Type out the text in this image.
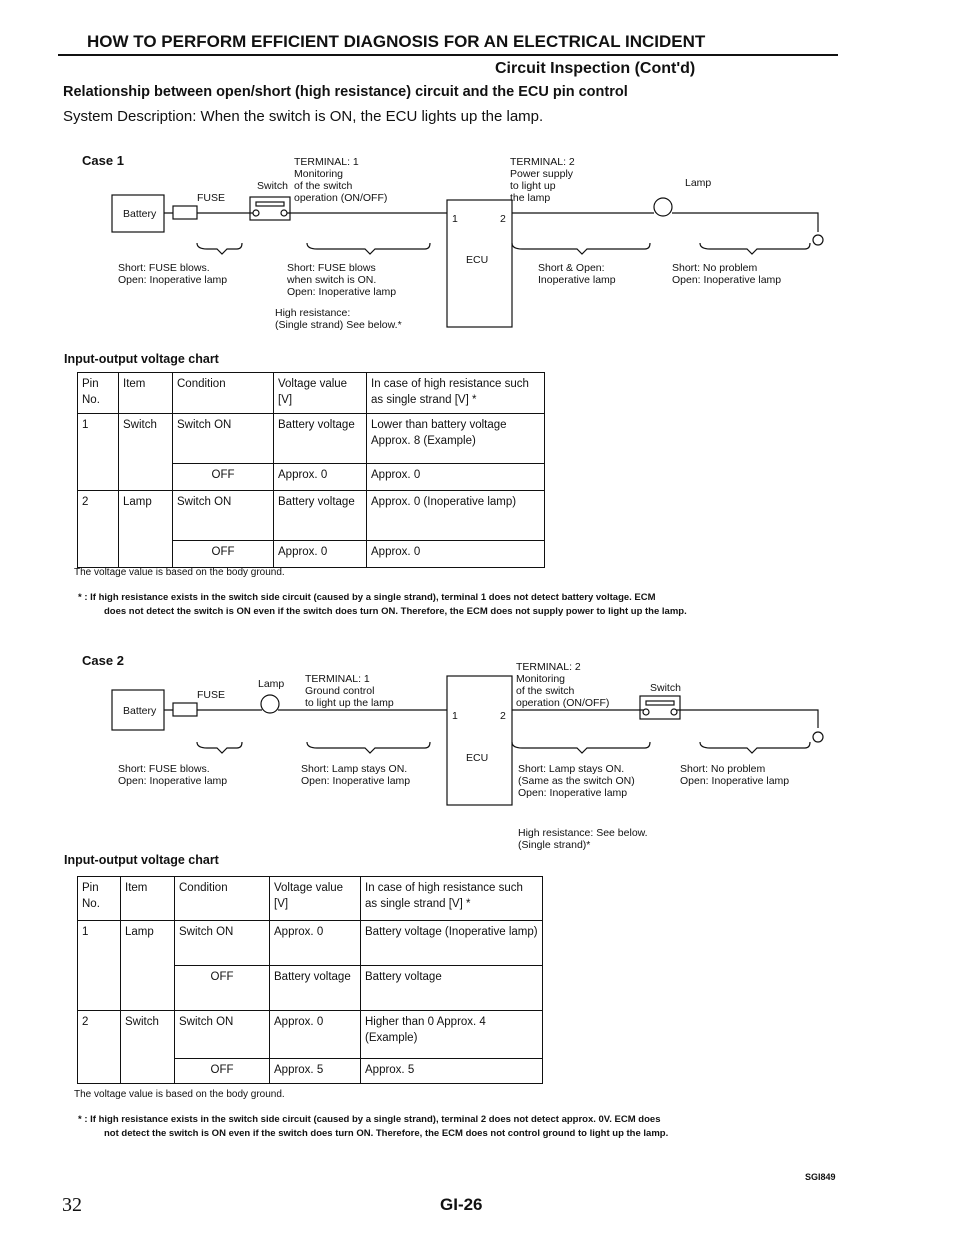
HOW TO PERFORM EFFICIENT DIAGNOSIS FOR AN ELECTRICAL INCIDENT
Circuit Inspection (Cont'd)
Relationship between open/short (high resistance) circuit and the ECU pin control
System Description: When the switch is ON, the ECU lights up the lamp.
Case 1
Battery
FUSE
Switch	Lamp
ECU
1	2
TERMINAL: 1
Monitoring
of the switch
operation (ON/OFF)
TERMINAL: 2
Power supply
to light up
the lamp
Short: FUSE blows.
Open: Inoperative lamp
Short: FUSE blows
when switch is ON.
Open: Inoperative lamp
High resistance:
(Single strand) See below.*
Short & Open:
Inoperative lamp
Short: No problem
Open: Inoperative lamp
Input-output voltage chart
Pin No.	Item	Condition	Voltage value [V]	In case of high resistance such as single strand [V] *
1	Switch	Switch ON	Battery voltage	Lower than battery voltage Approx. 8 (Example)
		OFF	Approx. 0	Approx. 0
2	Lamp	Switch ON	Battery voltage	Approx. 0 (Inoperative lamp)
		OFF	Approx. 0	Approx. 0
The voltage value is based on the body ground.
* : If high resistance exists in the switch side circuit (caused by a single strand), terminal 1 does not detect battery voltage. ECM
does not detect the switch is ON even if the switch does turn ON. Therefore, the ECM does not supply power to light up the lamp.
Case 2
Battery
FUSE
Lamp	Switch
ECU
1	2
TERMINAL: 1
Ground control
to light up the lamp
TERMINAL: 2
Monitoring
of the switch
operation (ON/OFF)
Short: FUSE blows.
Open: Inoperative lamp
Short: Lamp stays ON.
Open: Inoperative lamp
Short: Lamp stays ON.
(Same as the switch ON)
Open: Inoperative lamp
High resistance: See below.
(Single strand)*
Short: No problem
Open: Inoperative lamp
Input-output voltage chart
Pin No.	Item	Condition	Voltage value [V]	In case of high resistance such as single strand [V] *
1	Lamp	Switch ON	Approx. 0	Battery voltage (Inoperative lamp)
		OFF	Battery voltage	Battery voltage
2	Switch	Switch ON	Approx. 0	Higher than 0 Approx. 4 (Example)
		OFF	Approx. 5	Approx. 5
The voltage value is based on the body ground.
* : If high resistance exists in the switch side circuit (caused by a single strand), terminal 2 does not detect approx. 0V. ECM does
not detect the switch is ON even if the switch does turn ON. Therefore, the ECM does not control ground to light up the lamp.
SGI849
32	GI-26
